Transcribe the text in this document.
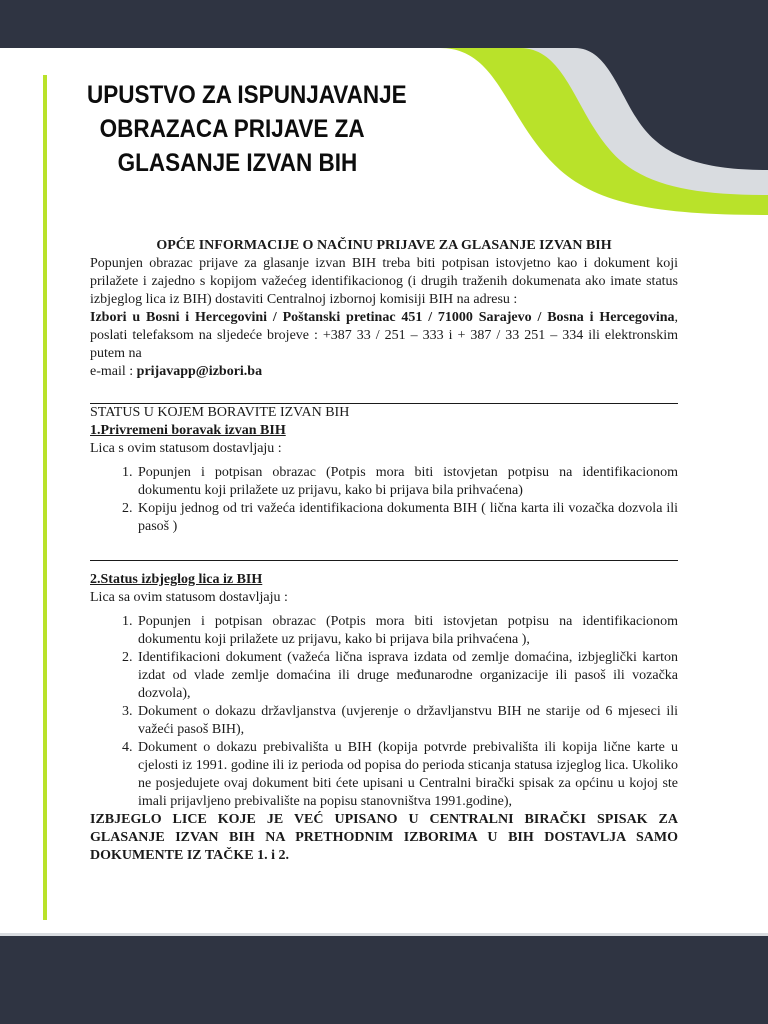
UPUSTVO ZA ISPUNJAVANJE
OBRAZACA PRIJAVE ZA
GLASANJE IZVAN BIH

OPĆE INFORMACIJE O NAČINU PRIJAVE ZA GLASANJE IZVAN BIH

Popunjen obrazac prijave za glasanje izvan BIH treba biti potpisan istovjetno kao i dokument koji prilažete i zajedno s kopijom važećeg identifikacionog (i drugih traženih dokumenata ako imate status izbjeglog lica iz BIH) dostaviti Centralnoj izbornoj komisiji BIH na adresu :

Izbori u Bosni i Hercegovini / Poštanski pretinac 451 / 71000 Sarajevo / Bosna i Hercegovina, poslati telefaksom na sljedeće brojeve : +387 33 / 251 – 333 i + 387 / 33 251 – 334 ili elektronskim putem na

e-mail : prijavapp@izbori.ba

STATUS U KOJEM BORAVITE IZVAN BIH

1.Privremeni boravak izvan BIH

Lica s ovim statusom dostavljaju :

1. Popunjen i potpisan obrazac (Potpis mora biti istovjetan potpisu na identifikacionom dokumentu koji prilažete uz prijavu, kako bi prijava bila prihvaćena)
2. Kopiju jednog od tri važeća identifikaciona dokumenta BIH ( lična karta ili vozačka dozvola ili pasoš )

2.Status izbjeglog lica iz BIH

Lica sa ovim statusom dostavljaju :

1. Popunjen i potpisan obrazac (Potpis mora biti istovjetan potpisu na identifikacionom dokumentu koji prilažete uz prijavu, kako bi prijava bila prihvaćena ),
2. Identifikacioni dokument (važeća lična isprava izdata od zemlje domaćina, izbjeglički karton izdat od vlade zemlje domaćina ili druge međunarodne organizacije ili pasoš ili vozačka dozvola),
3. Dokument o dokazu državljanstva (uvjerenje o državljanstvu BIH ne starije od 6 mjeseci ili važeći pasoš BIH),
4. Dokument o dokazu prebivališta u BIH (kopija potvrde prebivališta ili kopija lične karte u cjelosti iz 1991. godine ili iz perioda od popisa do perioda sticanja statusa izjeglog lica. Ukoliko ne posjedujete ovaj dokument biti ćete upisani u Centralni birački spisak za općinu u kojoj ste imali prijavljeno prebivalište na popisu stanovništva 1991.godine),

IZBJEGLO LICE KOJE JE VEĆ UPISANO U CENTRALNI BIRAČKI SPISAK ZA GLASANJE IZVAN BIH NA PRETHODNIM IZBORIMA U BIH DOSTAVLJA SAMO DOKUMENTE IZ TAČKE 1. i 2.
